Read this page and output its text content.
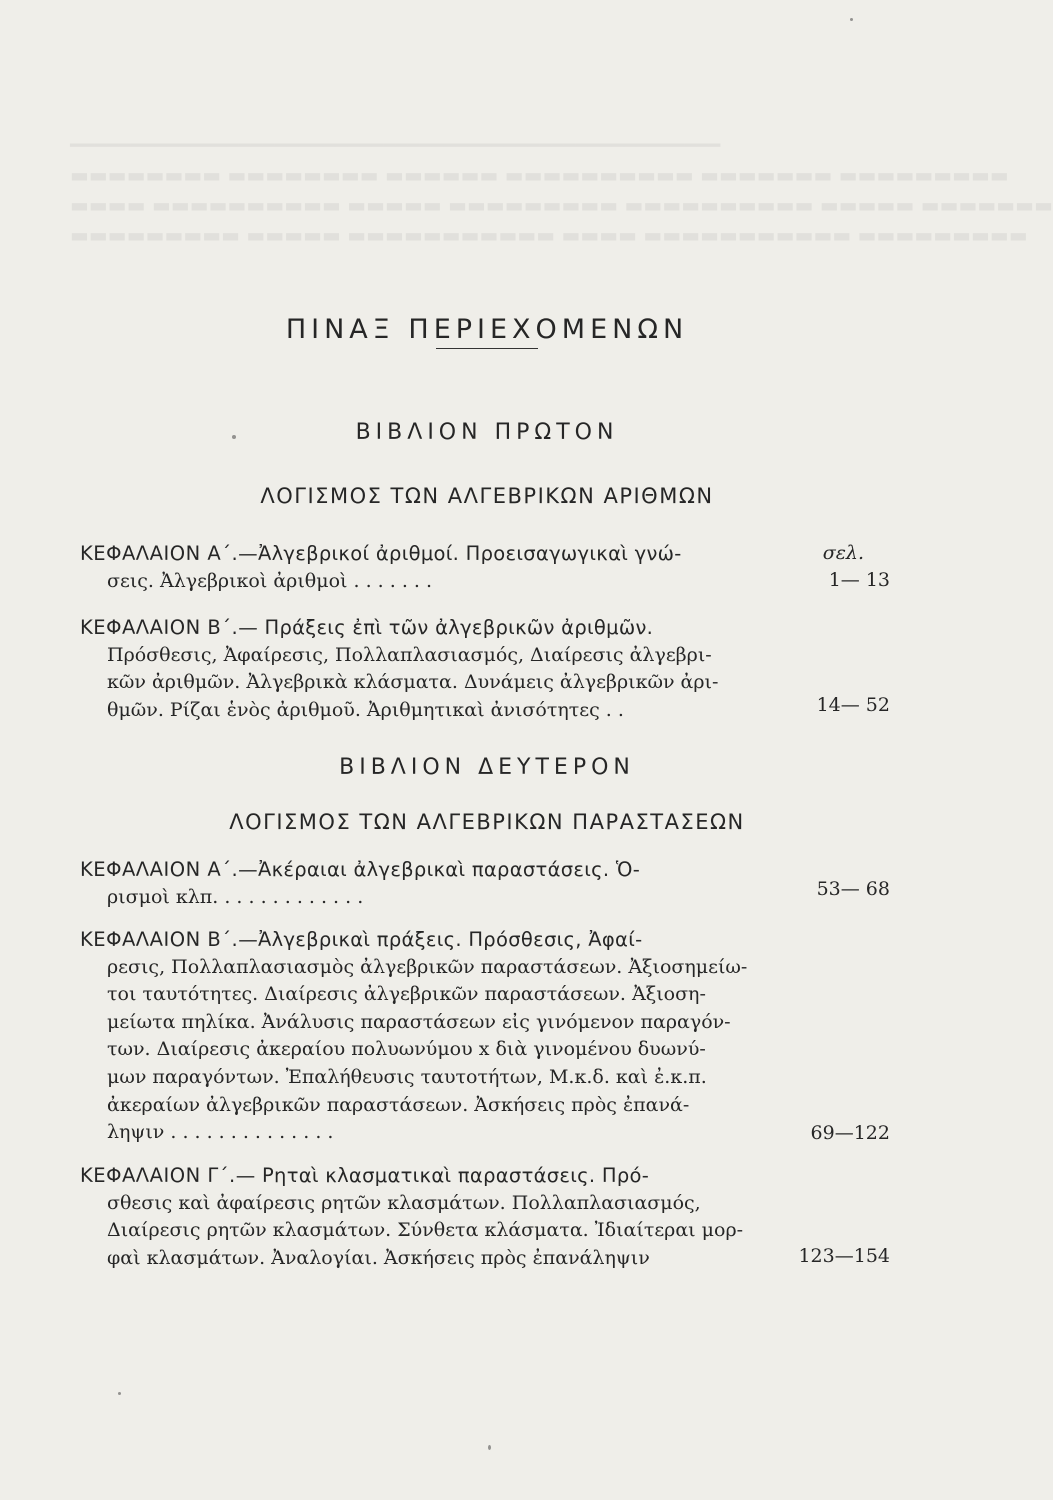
━━━━━━━━━━━━━━━━━━━━━━━━━━━━━━━━━━━━━━━━━━━━━━━━━━━━━━
▬▬▬▬▬▬▬▬ ▬▬▬▬▬▬▬▬ ▬▬▬▬▬▬ ▬▬▬▬▬▬▬▬▬▬ ▬▬▬▬▬▬▬ ▬▬▬▬▬▬▬▬▬
▬▬▬▬ ▬▬▬▬▬▬▬▬▬▬ ▬▬▬▬▬ ▬▬▬▬▬▬▬▬▬ ▬▬▬▬▬▬▬▬▬▬ ▬▬▬▬▬ ▬▬▬▬▬▬▬
▬▬▬▬▬▬▬▬▬ ▬▬▬▬▬ ▬▬▬▬▬▬▬▬▬▬▬ ▬▬▬▬ ▬▬▬▬▬▬▬▬▬▬▬ ▬▬▬▬▬▬▬▬▬
ΠΙΝΑΞ ΠΕΡΙΕΧΟΜΕΝΩΝ
ΒΙΒΛΙΟΝ ΠΡΩΤΟΝ
ΛΟΓΙΣΜΟΣ ΤΩΝ ΑΛΓΕΒΡΙΚΩΝ ΑΡΙΘΜΩΝ
σελ.
ΚΕΦΑΛΑΙΟΝ Α΄.—Ἀλγεβρικοί ἀριθμοί. Προεισαγωγικαὶ γνώ-
σεις. Ἀλγεβρικοὶ ἀριθμοὶ . . . . . . .	1— 13
ΚΕΦΑΛΑΙΟΝ Β΄.— Πράξεις ἐπὶ τῶν ἀλγεβρικῶν ἀριθμῶν.
Πρόσθεσις, Ἀφαίρεσις, Πολλαπλασιασμός, Διαίρεσις ἀλγεβρι-
κῶν ἀριθμῶν. Ἀλγεβρικὰ κλάσματα. Δυνάμεις ἀλγεβρικῶν ἀρι-
θμῶν. Ρίζαι ἑνὸς ἀριθμοῦ. Ἀριθμητικαὶ ἀνισότητες . .	14— 52
ΒΙΒΛΙΟΝ ΔΕΥΤΕΡΟΝ
ΛΟΓΙΣΜΟΣ ΤΩΝ ΑΛΓΕΒΡΙΚΩΝ ΠΑΡΑΣΤΑΣΕΩΝ
ΚΕΦΑΛΑΙΟΝ Α΄.—Ἀκέραιαι ἀλγεβρικαὶ παραστάσεις. Ὁ-
ρισμοὶ κλπ. . . . . . . . . . . . .	53— 68
ΚΕΦΑΛΑΙΟΝ Β΄.—Ἀλγεβρικαὶ πράξεις. Πρόσθεσις, Ἀφαί-
ρεσις, Πολλαπλασιασμὸς ἀλγεβρικῶν παραστάσεων. Ἀξιοσημείω-
τοι ταυτότητες. Διαίρεσις ἀλγεβρικῶν παραστάσεων. Ἀξιοση-
μείωτα πηλίκα. Ἀνάλυσις παραστάσεων εἰς γινόμενον παραγόν-
των. Διαίρεσις ἀκεραίου πολυωνύμου x διὰ γινομένου δυωνύ-
μων παραγόντων. Ἐπαλήθευσις ταυτοτήτων, Μ.κ.δ. καὶ ἐ.κ.π.
ἀκεραίων ἀλγεβρικῶν παραστάσεων. Ἀσκήσεις πρὸς ἐπανά-
ληψιν . . . . . . . . . . . . . .	69—122
ΚΕΦΑΛΑΙΟΝ Γ΄.— Ρηταὶ κλασματικαὶ παραστάσεις. Πρό-
σθεσις καὶ ἀφαίρεσις ρητῶν κλασμάτων. Πολλαπλασιασμός,
Διαίρεσις ρητῶν κλασμάτων. Σύνθετα κλάσματα. Ἰδιαίτεραι μορ-
φαὶ κλασμάτων. Ἀναλογίαι. Ἀσκήσεις πρὸς ἐπανάληψιν	123—154
